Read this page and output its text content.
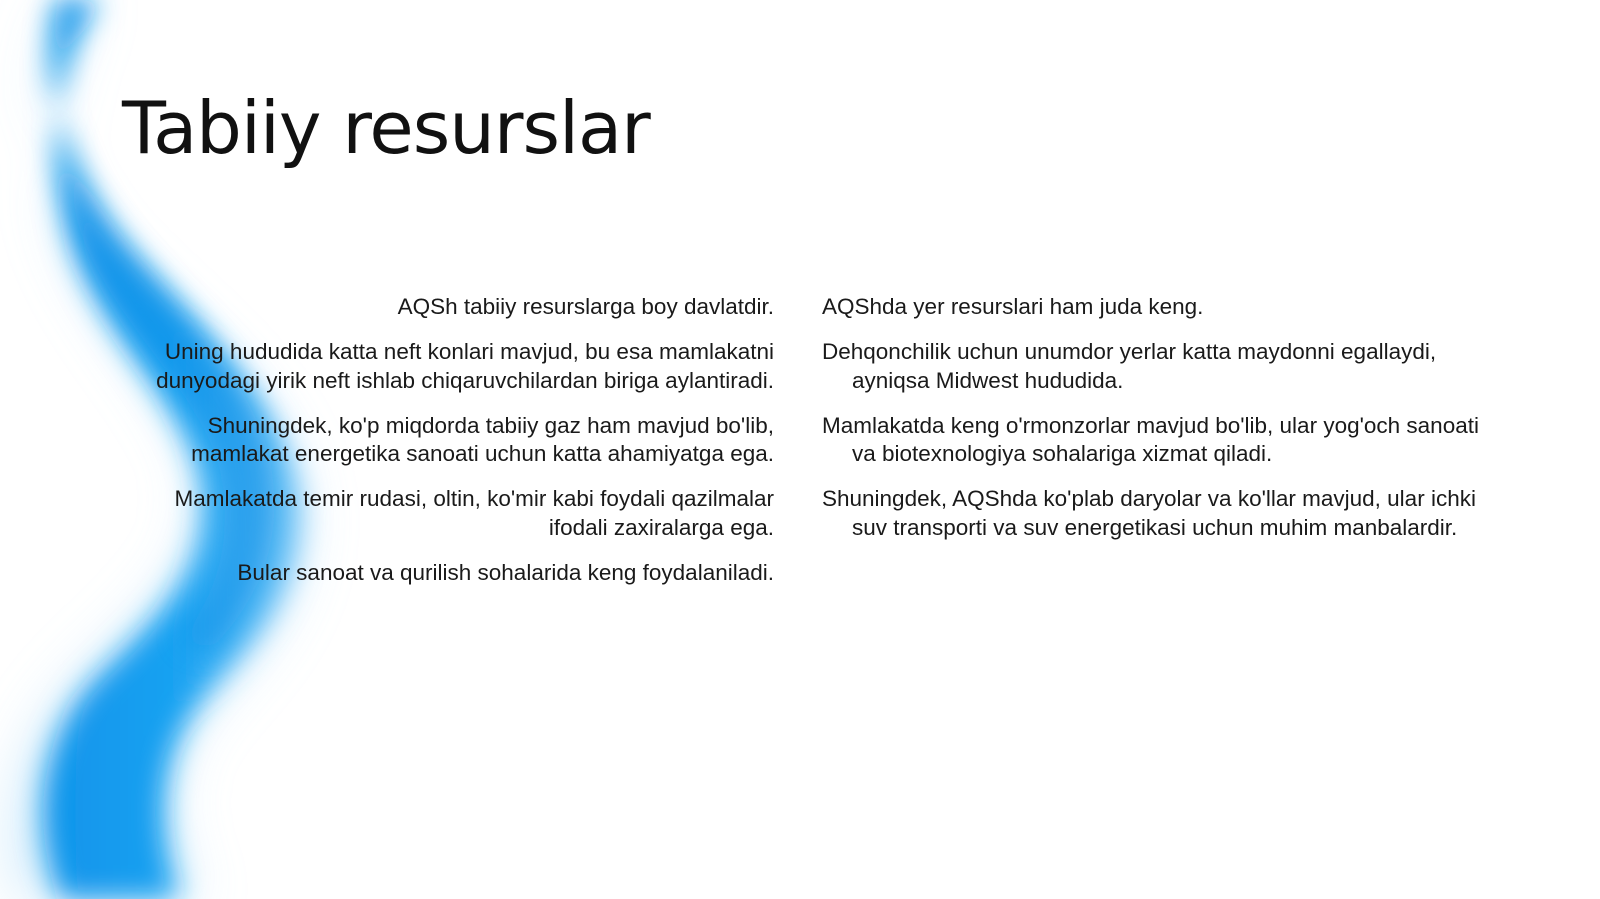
Tabiiy resurslar
AQSh tabiiy resurslarga boy davlatdir.
Uning hududida katta neft konlari mavjud, bu esa mamlakatni dunyodagi yirik neft ishlab chiqaruvchilardan biriga aylantiradi.
Shuningdek, ko'p miqdorda tabiiy gaz ham mavjud bo'lib, mamlakat energetika sanoati uchun katta ahamiyatga ega.
Mamlakatda temir rudasi, oltin, ko'mir kabi foydali qazilmalar ifodali zaxiralarga ega.
Bular sanoat va qurilish sohalarida keng foydalaniladi.
AQShda yer resurslari ham juda keng.
Dehqonchilik uchun unumdor yerlar katta maydonni egallaydi, ayniqsa Midwest hududida.
Mamlakatda keng o'rmonzorlar mavjud bo'lib, ular yog'och sanoati va biotexnologiya sohalariga xizmat qiladi.
Shuningdek, AQShda ko'plab daryolar va ko'llar mavjud, ular ichki suv transporti va suv energetikasi uchun muhim manbalardir.
